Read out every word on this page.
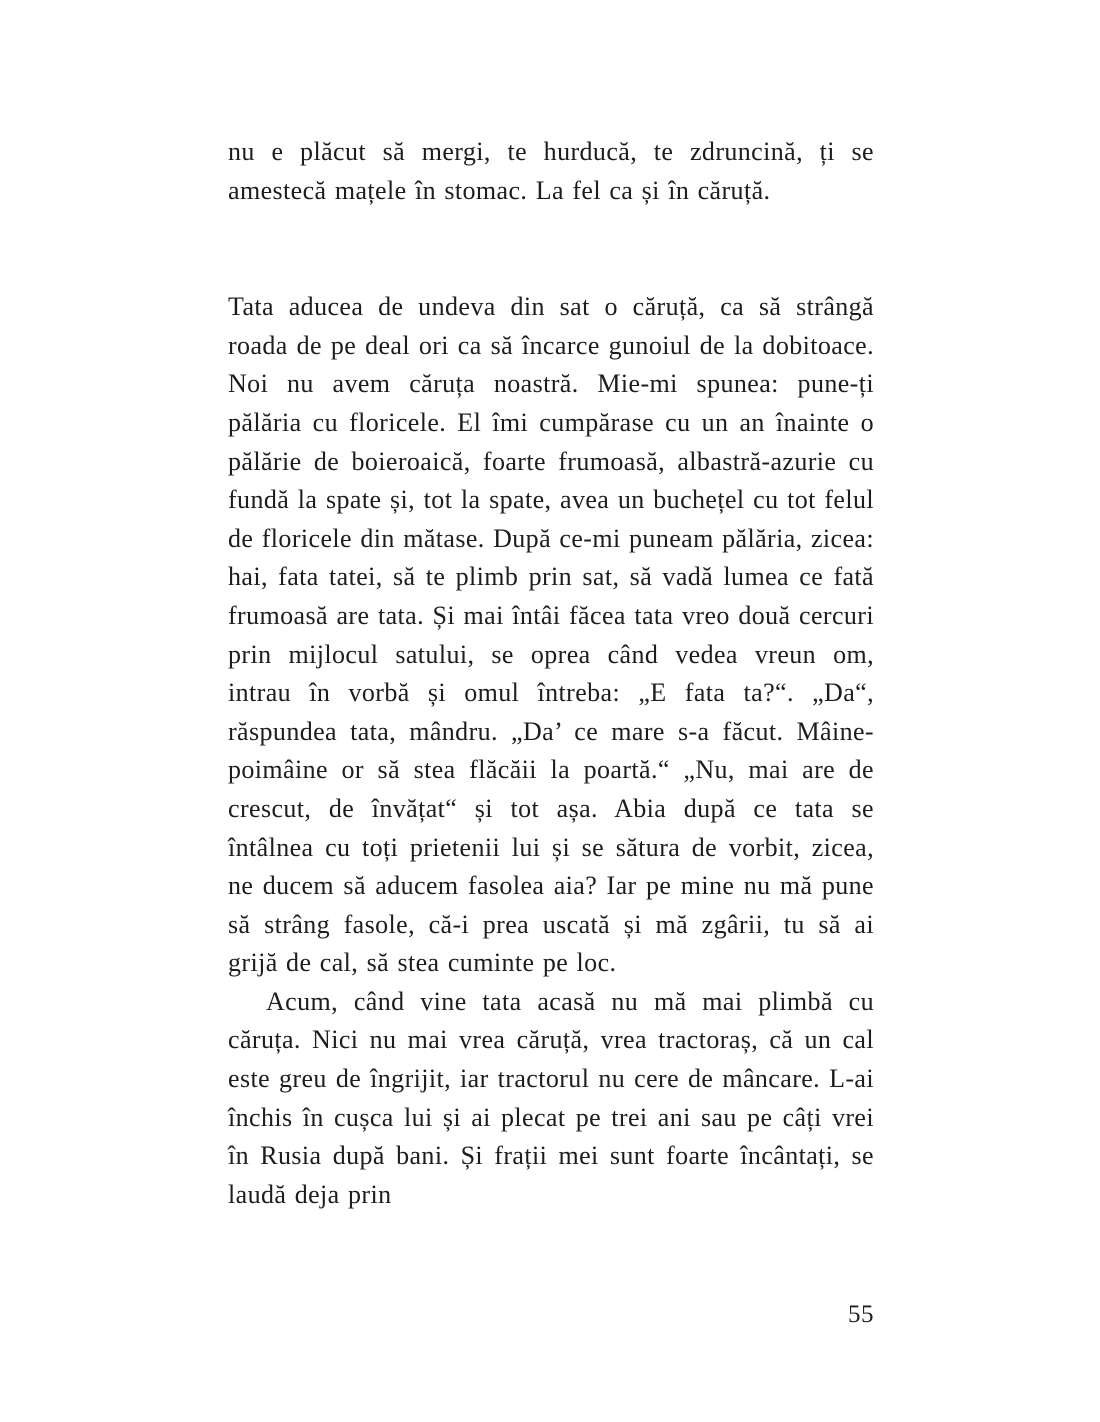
nu e plăcut să mergi, te hurducă, te zdruncină, ți se amestecă mațele în stomac. La fel ca și în căruță.

Tata aducea de undeva din sat o căruță, ca să strângă roada de pe deal ori ca să încarce gunoiul de la dobitoace. Noi nu avem căruța noastră. Mie-mi spunea: pune-ți pălăria cu floricele. El îmi cumpărase cu un an înainte o pălărie de boieroaică, foarte frumoasă, albastră-azurie cu fundă la spate și, tot la spate, avea un buchețel cu tot felul de floricele din mătase. După ce-mi puneam pălăria, zicea: hai, fata tatei, să te plimb prin sat, să vadă lumea ce fată frumoasă are tata. Și mai întâi făcea tata vreo două cercuri prin mijlocul satului, se oprea când vedea vreun om, intrau în vorbă și omul întreba: „E fata ta?“. „Da“, răspundea tata, mândru. „Da’ ce mare s-a făcut. Mâine-poimâine or să stea flăcăii la poartă.“ „Nu, mai are de crescut, de învățat“ și tot așa. Abia după ce tata se întâlnea cu toți prietenii lui și se sătura de vorbit, zicea, ne ducem să aducem fasolea aia? Iar pe mine nu mă pune să strâng fasole, că-i prea uscată și mă zgârii, tu să ai grijă de cal, să stea cuminte pe loc.

Acum, când vine tata acasă nu mă mai plimbă cu căruța. Nici nu mai vrea căruță, vrea tractoraș, că un cal este greu de îngrijit, iar tractorul nu cere de mâncare. L-ai închis în cușca lui și ai plecat pe trei ani sau pe câți vrei în Rusia după bani. Și frații mei sunt foarte încântați, se laudă deja prin

55
